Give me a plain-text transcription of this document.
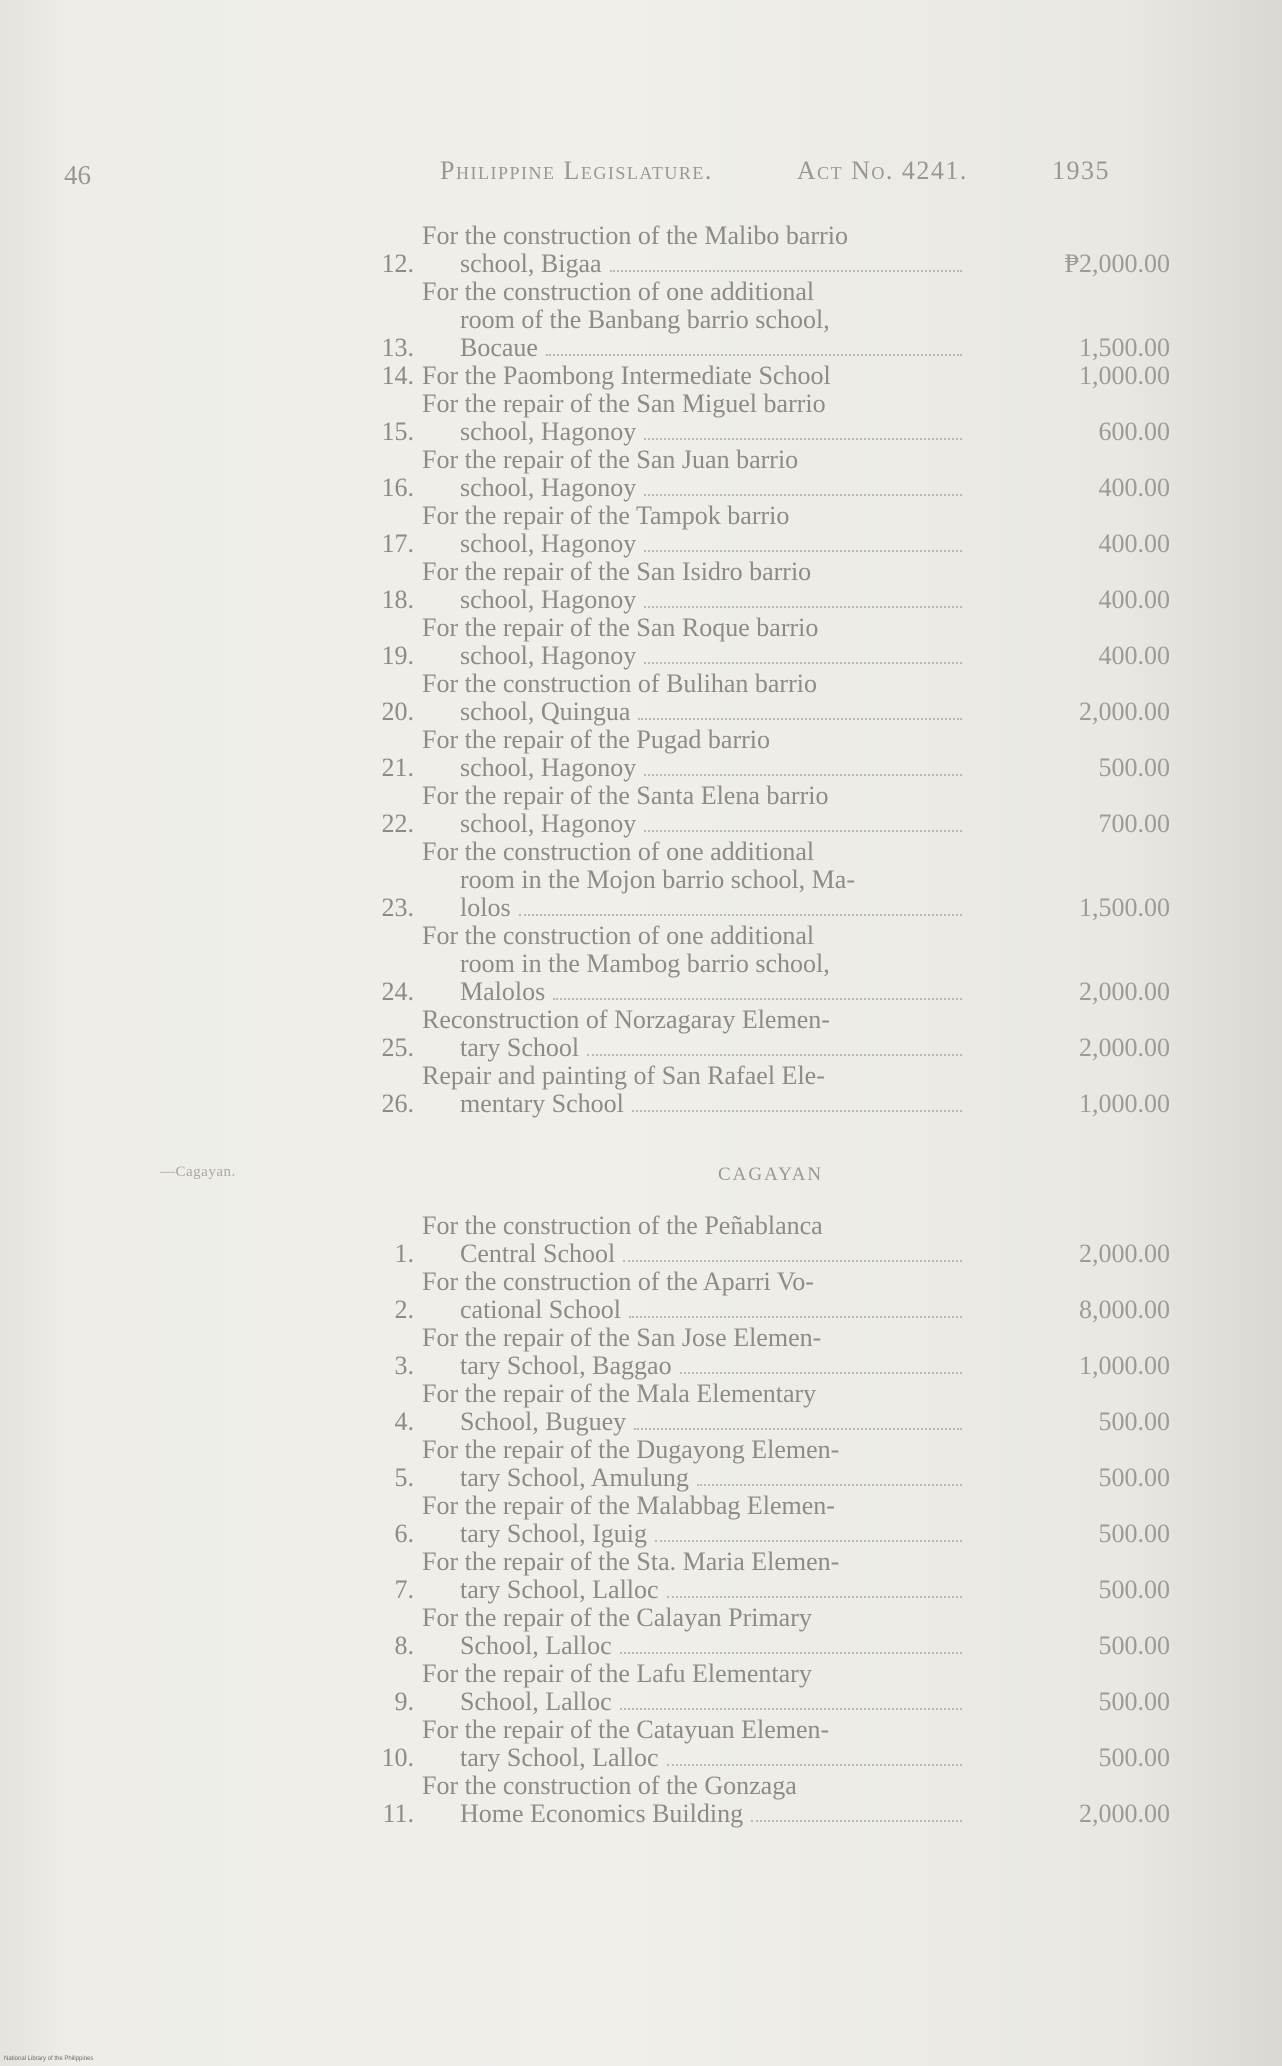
46	Philippine Legislature.	Act No. 4241.	1935
12.
For the construction of the Malibo barrio
school, Bigaa	₱2,000.00
13.
For the construction of one additional
room of the Banbang barrio school,
Bocaue	1,500.00
14. For the Paombong Intermediate School	1,000.00
15.
For the repair of the San Miguel barrio
school, Hagonoy	600.00
16.
For the repair of the San Juan barrio
school, Hagonoy	400.00
17.
For the repair of the Tampok barrio
school, Hagonoy	400.00
18.
For the repair of the San Isidro barrio
school, Hagonoy	400.00
19.
For the repair of the San Roque barrio
school, Hagonoy	400.00
20.
For the construction of Bulihan barrio
school, Quingua	2,000.00
21.
For the repair of the Pugad barrio
school, Hagonoy	500.00
22.
For the repair of the Santa Elena barrio
school, Hagonoy	700.00
23.
For the construction of one additional
room in the Mojon barrio school, Ma-
lolos	1,500.00
24.
For the construction of one additional
room in the Mambog barrio school,
Malolos	2,000.00
25.
Reconstruction of Norzagaray Elemen-
tary School	2,000.00
26.
Repair and painting of San Rafael Ele-
mentary School	1,000.00
—Cagayan.	CAGAYAN
1.
For the construction of the Peñablanca
Central School	2,000.00
2.
For the construction of the Aparri Vo-
cational School	8,000.00
3.
For the repair of the San Jose Elemen-
tary School, Baggao	1,000.00
4.
For the repair of the Mala Elementary
School, Buguey	500.00
5.
For the repair of the Dugayong Elemen-
tary School, Amulung	500.00
6.
For the repair of the Malabbag Elemen-
tary School, Iguig	500.00
7.
For the repair of the Sta. Maria Elemen-
tary School, Lalloc	500.00
8.
For the repair of the Calayan Primary
School, Lalloc	500.00
9.
For the repair of the Lafu Elementary
School, Lalloc	500.00
10.
For the repair of the Catayuan Elemen-
tary School, Lalloc	500.00
11.
For the construction of the Gonzaga
Home Economics Building	2,000.00
National Library of the Philippines
